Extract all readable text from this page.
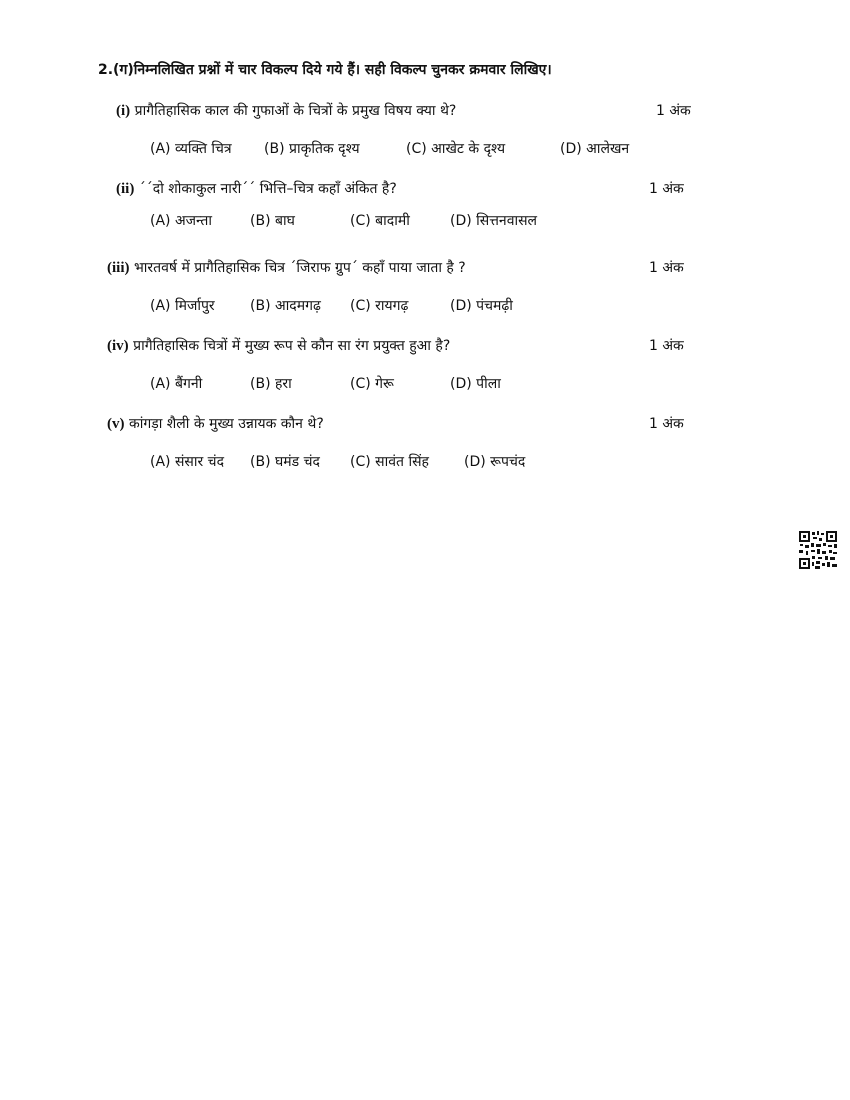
2.(ग)निम्नलिखित प्रश्नों में चार विकल्प दिये गये हैं। सही विकल्प चुनकर क्रमवार लिखिए।
(i) प्रागैतिहासिक काल की गुफाओं के चित्रों के प्रमुख विषय क्या थे?	1 अंक
(A) व्यक्ति चित्र (B) प्राकृतिक दृश्य	(C) आखेट के दृश्य	(D) आलेखन
(ii) ´´दो शोकाकुल नारी´´ भित्ति–चित्र कहाँ अंकित है?	1 अंक
(A) अजन्ता	(B) बाघ	(C) बादामी	(D) सित्तनवासल
(iii) भारतवर्ष में प्रागैतिहासिक चित्र ´जिराफ ग्रुप´ कहाँ पाया जाता है ?	1 अंक
(A) मिर्जापुर	(B) आदमगढ़ (C) रायगढ़	(D) पंचमढ़ी
(iv) प्रागैतिहासिक चित्रों में मुख्य रूप से कौन सा रंग प्रयुक्त हुआ है?	1 अंक
(A) बैंगनी	(B) हरा	(C) गेरू	(D) पीला
(v) कांगड़ा शैली के मुख्य उन्नायक कौन थे?	1 अंक
(A) संसार चंद (B) घमंड चंद (C) सावंत सिंह	(D) रूपचंद
